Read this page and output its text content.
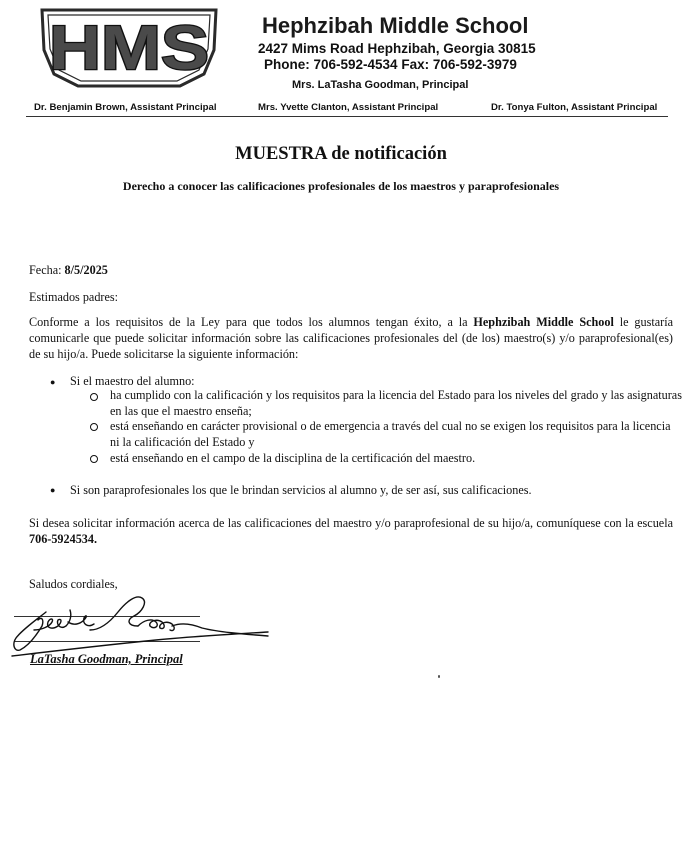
HMS Hephzibah Middle School
2427 Mims Road Hephzibah, Georgia 30815
Phone: 706-592-4534 Fax: 706-592-3979
Mrs. LaTasha Goodman, Principal
Dr. Benjamin Brown, Assistant Principal	Mrs. Yvette Clanton, Assistant Principal	Dr. Tonya Fulton, Assistant Principal
MUESTRA de notificación
Derecho a conocer las calificaciones profesionales de los maestros y paraprofesionales
Fecha: 8/5/2025
Estimados padres:
Conforme a los requisitos de la Ley para que todos los alumnos tengan éxito, a la Hephzibah Middle School le gustaría comunicarle que puede solicitar información sobre las calificaciones profesionales del (de los) maestro(s) y/o paraprofesional(es) de su hijo/a. Puede solicitarse la siguiente información:
● Si el maestro del alumno:
ha cumplido con la calificación y los requisitos para la licencia del Estado para los niveles del grado y las asignaturas en las que el maestro enseña;
está enseñando en carácter provisional o de emergencia a través del cual no se exigen los requisitos para la licencia ni la calificación del Estado y
está enseñando en el campo de la disciplina de la certificación del maestro.
● Si son paraprofesionales los que le brindan servicios al alumno y, de ser así, sus calificaciones.
Si desea solicitar información acerca de las calificaciones del maestro y/o paraprofesional de su hijo/a, comuníquese con la escuela 706-5924534.
Saludos cordiales,
LaTasha Goodman, Principal
